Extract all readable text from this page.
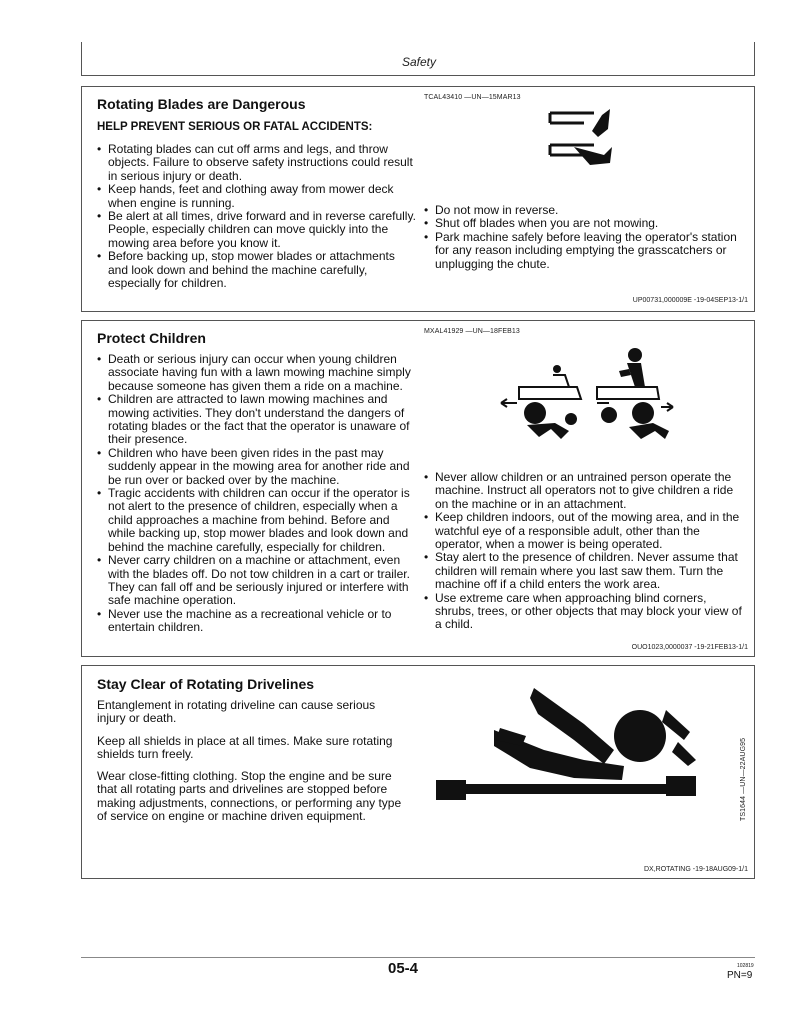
Safety
Rotating Blades are Dangerous	TCAL43410 —UN—15MAR13
HELP PREVENT SERIOUS OR FATAL ACCIDENTS:
• Rotating blades can cut off arms and legs, and throw objects. Failure to observe safety instructions could result in serious injury or death.
• Keep hands, feet and clothing away from mower deck when engine is running.
• Be alert at all times, drive forward and in reverse carefully. People, especially children can move quickly into the mowing area before you know it.
• Before backing up, stop mower blades or attachments and look down and behind the machine carefully, especially for children.
• Do not mow in reverse.
• Shut off blades when you are not mowing.
• Park machine safely before leaving the operator's station for any reason including emptying the grasscatchers or unplugging the chute.
UP00731,000009E -19-04SEP13-1/1
Protect Children	MXAL41929 —UN—18FEB13
• Death or serious injury can occur when young children associate having fun with a lawn mowing machine simply because someone has given them a ride on a machine.
• Children are attracted to lawn mowing machines and mowing activities. They don't understand the dangers of rotating blades or the fact that the operator is unaware of their presence.
• Children who have been given rides in the past may suddenly appear in the mowing area for another ride and be run over or backed over by the machine.
• Tragic accidents with children can occur if the operator is not alert to the presence of children, especially when a child approaches a machine from behind. Before and while backing up, stop mower blades and look down and behind the machine carefully, especially for children.
• Never carry children on a machine or attachment, even with the blades off. Do not tow children in a cart or trailer. They can fall off and be seriously injured or interfere with safe machine operation.
• Never use the machine as a recreational vehicle or to entertain children.
• Never allow children or an untrained person operate the machine. Instruct all operators not to give children a ride on the machine or in an attachment.
• Keep children indoors, out of the mowing area, and in the watchful eye of a responsible adult, other than the operator, when a mower is being operated.
• Stay alert to the presence of children. Never assume that children will remain where you last saw them. Turn the machine off if a child enters the work area.
• Use extreme care when approaching blind corners, shrubs, trees, or other objects that may block your view of a child.
OUO1023,0000037 -19-21FEB13-1/1
Stay Clear of Rotating Drivelines

Entanglement in rotating driveline can cause serious injury or death.

Keep all shields in place at all times. Make sure rotating shields turn freely.

Wear close-fitting clothing. Stop the engine and be sure that all rotating parts and drivelines are stopped before making adjustments, connections, or performing any type of service on engine or machine driven equipment.	TS1644 —UN—22AUG95
DX,ROTATING -19-18AUG09-1/1
05-4	102819
PN=9
